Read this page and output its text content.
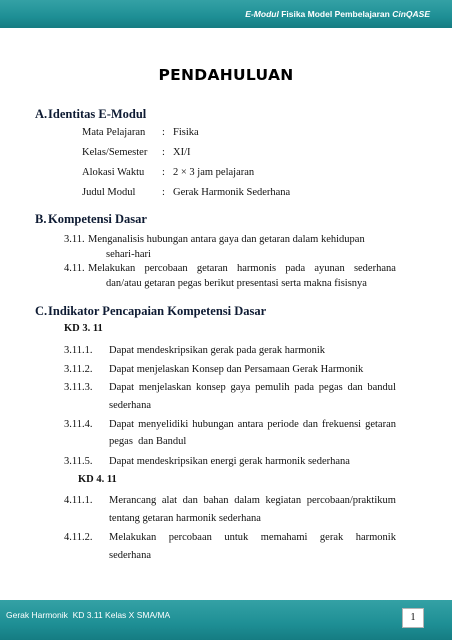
E-Modul Fisika Model Pembelajaran CinQASE
PENDAHULUAN
A.Identitas E-Modul
Mata Pelajaran : Fisika
Kelas/Semester : XI/I
Alokasi Waktu : 2 × 3 jam pelajaran
Judul Modul	: Gerak Harmonik Sederhana
B. Kompetensi Dasar
3.11. Menganalisis hubungan antara gaya dan getaran dalam kehidupan
sehari-hari
4.11. Melakukan percobaan getaran harmonis pada ayunan sederhana
dan/atau getaran pegas berikut presentasi serta makna fisisnya
C.Indikator Pencapaian Kompetensi Dasar
KD 3. 11
3.11.1. Dapat mendeskripsikan gerak pada gerak harmonik
3.11.2. Dapat menjelaskan Konsep dan Persamaan Gerak Harmonik
3.11.3. Dapat menjelaskan konsep gaya pemulih pada pegas dan bandul
sederhana
3.11.4. Dapat menyelidiki hubungan antara periode dan frekuensi getaran
pegas  dan Bandul
3.11.5. Dapat mendeskripsikan energi gerak harmonik sederhana
KD 4. 11
4.11.1. Merancang alat dan bahan dalam kegiatan percobaan/praktikum
tentang getaran harmonik sederhana
4.11.2. Melakukan percobaan untuk memahami gerak harmonik
sederhana
Gerak Harmonik  KD 3.11 Kelas X SMA/MA	1
